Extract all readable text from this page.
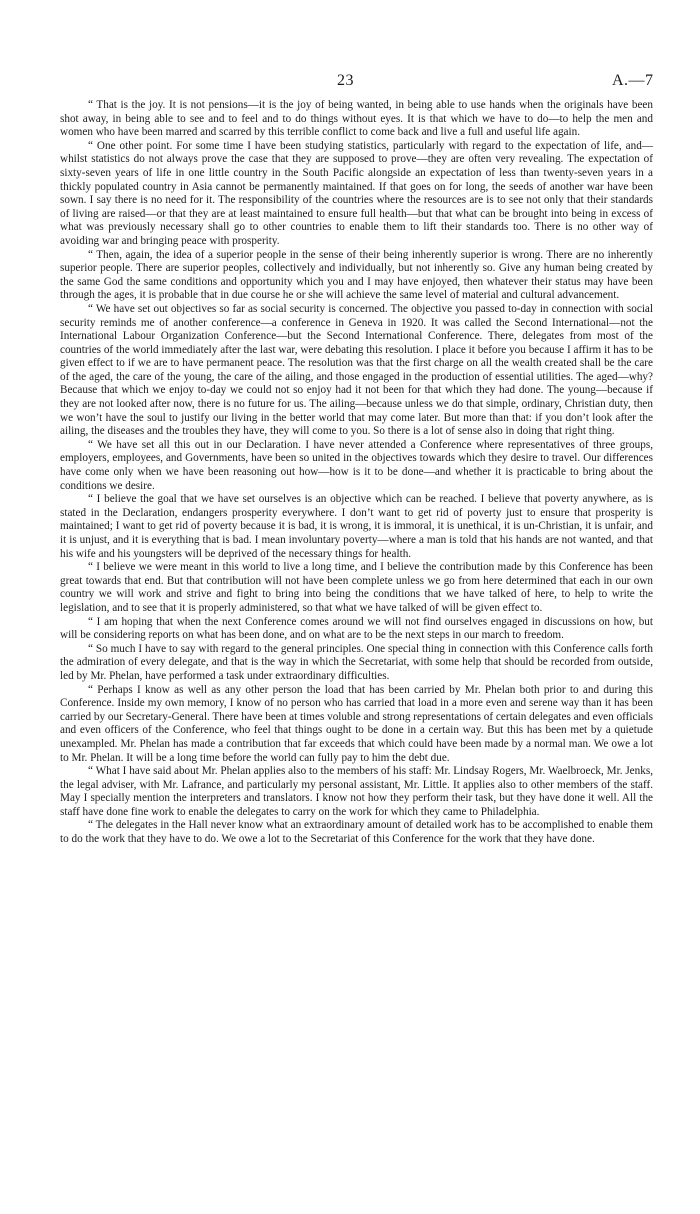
23	A.—7

“ That is the joy. It is not pensions—it is the joy of being wanted, in being able to use hands when the originals have been shot away, in being able to see and to feel and to do things without eyes. It is that which we have to do—to help the men and women who have been marred and scarred by this terrible conflict to come back and live a full and useful life again.

“ One other point. For some time I have been studying statistics, particularly with regard to the expectation of life, and—whilst statistics do not always prove the case that they are supposed to prove—they are often very revealing. The expectation of sixty-seven years of life in one little country in the South Pacific alongside an expectation of less than twenty-seven years in a thickly populated country in Asia cannot be permanently maintained. If that goes on for long, the seeds of another war have been sown. I say there is no need for it. The responsibility of the countries where the resources are is to see not only that their standards of living are raised—or that they are at least maintained to ensure full health—but that what can be brought into being in excess of what was previously necessary shall go to other countries to enable them to lift their standards too. There is no other way of avoiding war and bringing peace with prosperity.

“ Then, again, the idea of a superior people in the sense of their being inherently superior is wrong. There are no inherently superior people. There are superior peoples, collectively and individually, but not inherently so. Give any human being created by the same God the same conditions and opportunity which you and I may have enjoyed, then whatever their status may have been through the ages, it is probable that in due course he or she will achieve the same level of material and cultural advancement.

“ We have set out objectives so far as social security is concerned. The objective you passed to-day in connection with social security reminds me of another conference—a conference in Geneva in 1920. It was called the Second International—not the International Labour Organization Conference—but the Second International Conference. There, delegates from most of the countries of the world immediately after the last war, were debating this resolution. I place it before you because I affirm it has to be given effect to if we are to have permanent peace. The resolution was that the first charge on all the wealth created shall be the care of the aged, the care of the young, the care of the ailing, and those engaged in the production of essential utilities. The aged—why? Because that which we enjoy to-day we could not so enjoy had it not been for that which they had done. The young—because if they are not looked after now, there is no future for us. The ailing—because unless we do that simple, ordinary, Christian duty, then we won’t have the soul to justify our living in the better world that may come later. But more than that: if you don’t look after the ailing, the diseases and the troubles they have, they will come to you. So there is a lot of sense also in doing that right thing.

“ We have set all this out in our Declaration. I have never attended a Conference where representatives of three groups, employers, employees, and Governments, have been so united in the objectives towards which they desire to travel. Our differences have come only when we have been reasoning out how—how is it to be done—and whether it is practicable to bring about the conditions we desire.

“ I believe the goal that we have set ourselves is an objective which can be reached. I believe that poverty anywhere, as is stated in the Declaration, endangers prosperity everywhere. I don’t want to get rid of poverty just to ensure that prosperity is maintained; I want to get rid of poverty because it is bad, it is wrong, it is immoral, it is unethical, it is un-Christian, it is unfair, and it is unjust, and it is everything that is bad. I mean involuntary poverty—where a man is told that his hands are not wanted, and that his wife and his youngsters will be deprived of the necessary things for health.

“ I believe we were meant in this world to live a long time, and I believe the contribution made by this Conference has been great towards that end. But that contribution will not have been complete unless we go from here determined that each in our own country we will work and strive and fight to bring into being the conditions that we have talked of here, to help to write the legislation, and to see that it is properly administered, so that what we have talked of will be given effect to.

“ I am hoping that when the next Conference comes around we will not find ourselves engaged in discussions on how, but will be considering reports on what has been done, and on what are to be the next steps in our march to freedom.

“ So much I have to say with regard to the general principles. One special thing in connection with this Conference calls forth the admiration of every delegate, and that is the way in which the Secretariat, with some help that should be recorded from outside, led by Mr. Phelan, have performed a task under extraordinary difficulties.

“ Perhaps I know as well as any other person the load that has been carried by Mr. Phelan both prior to and during this Conference. Inside my own memory, I know of no person who has carried that load in a more even and serene way than it has been carried by our Secretary-General. There have been at times voluble and strong representations of certain delegates and even officials and even officers of the Conference, who feel that things ought to be done in a certain way. But this has been met by a quietude unexampled. Mr. Phelan has made a contribution that far exceeds that which could have been made by a normal man. We owe a lot to Mr. Phelan. It will be a long time before the world can fully pay to him the debt due.

“ What I have said about Mr. Phelan applies also to the members of his staff: Mr. Lindsay Rogers, Mr. Waelbroeck, Mr. Jenks, the legal adviser, with Mr. Lafrance, and particularly my personal assistant, Mr. Little. It applies also to other members of the staff. May I specially mention the interpreters and translators. I know not how they perform their task, but they have done it well. All the staff have done fine work to enable the delegates to carry on the work for which they came to Philadelphia.

“ The delegates in the Hall never know what an extraordinary amount of detailed work has to be accomplished to enable them to do the work that they have to do. We owe a lot to the Secretariat of this Conference for the work that they have done.
